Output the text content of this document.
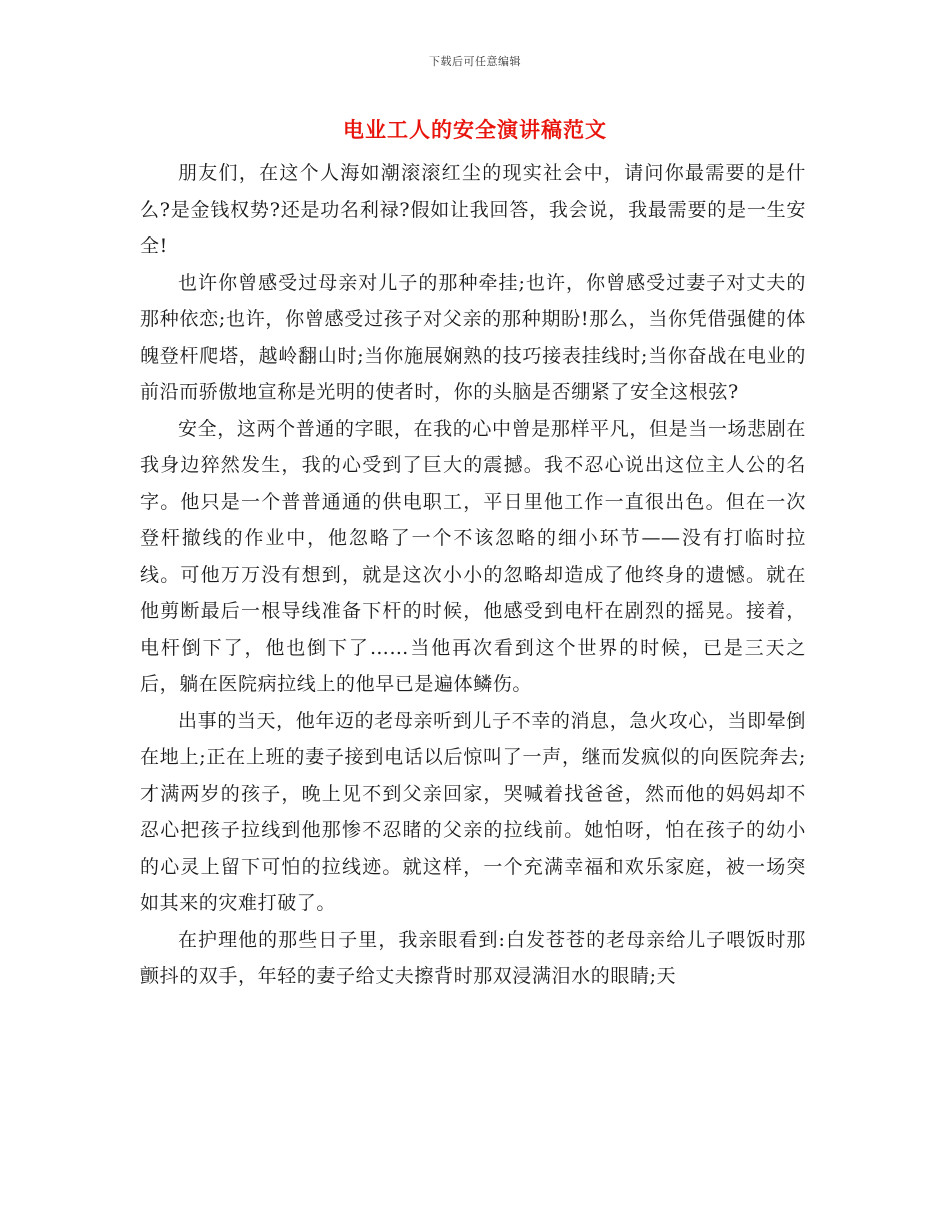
下载后可任意编辑
电业工人的安全演讲稿范文

朋友们，在这个人海如潮滚滚红尘的现实社会中，请问你最需要的是什么?是金钱权势?还是功名利禄?假如让我回答，我会说，我最需要的是一生安全!

也许你曾感受过母亲对儿子的那种牵挂;也许，你曾感受过妻子对丈夫的那种依恋;也许，你曾感受过孩子对父亲的那种期盼!那么，当你凭借强健的体魄登杆爬塔，越岭翻山时;当你施展娴熟的技巧接表挂线时;当你奋战在电业的前沿而骄傲地宣称是光明的使者时，你的头脑是否绷紧了安全这根弦?

安全，这两个普通的字眼，在我的心中曾是那样平凡，但是当一场悲剧在我身边猝然发生，我的心受到了巨大的震撼。我不忍心说出这位主人公的名字。他只是一个普普通通的供电职工，平日里他工作一直很出色。但在一次登杆撤线的作业中，他忽略了一个不该忽略的细小环节——没有打临时拉线。可他万万没有想到，就是这次小小的忽略却造成了他终身的遗憾。就在他剪断最后一根导线准备下杆的时候，他感受到电杆在剧烈的摇晃。接着，电杆倒下了，他也倒下了……当他再次看到这个世界的时候，已是三天之后，躺在医院病拉线上的他早已是遍体鳞伤。

出事的当天，他年迈的老母亲听到儿子不幸的消息，急火攻心，当即晕倒在地上;正在上班的妻子接到电话以后惊叫了一声，继而发疯似的向医院奔去;才满两岁的孩子，晚上见不到父亲回家，哭喊着找爸爸，然而他的妈妈却不忍心把孩子拉线到他那惨不忍睹的父亲的拉线前。她怕呀，怕在孩子的幼小的心灵上留下可怕的拉线迹。就这样，一个充满幸福和欢乐家庭，被一场突如其来的灾难打破了。

在护理他的那些日子里，我亲眼看到:白发苍苍的老母亲给儿子喂饭时那颤抖的双手，年轻的妻子给丈夫擦背时那双浸满泪水的眼睛;天
